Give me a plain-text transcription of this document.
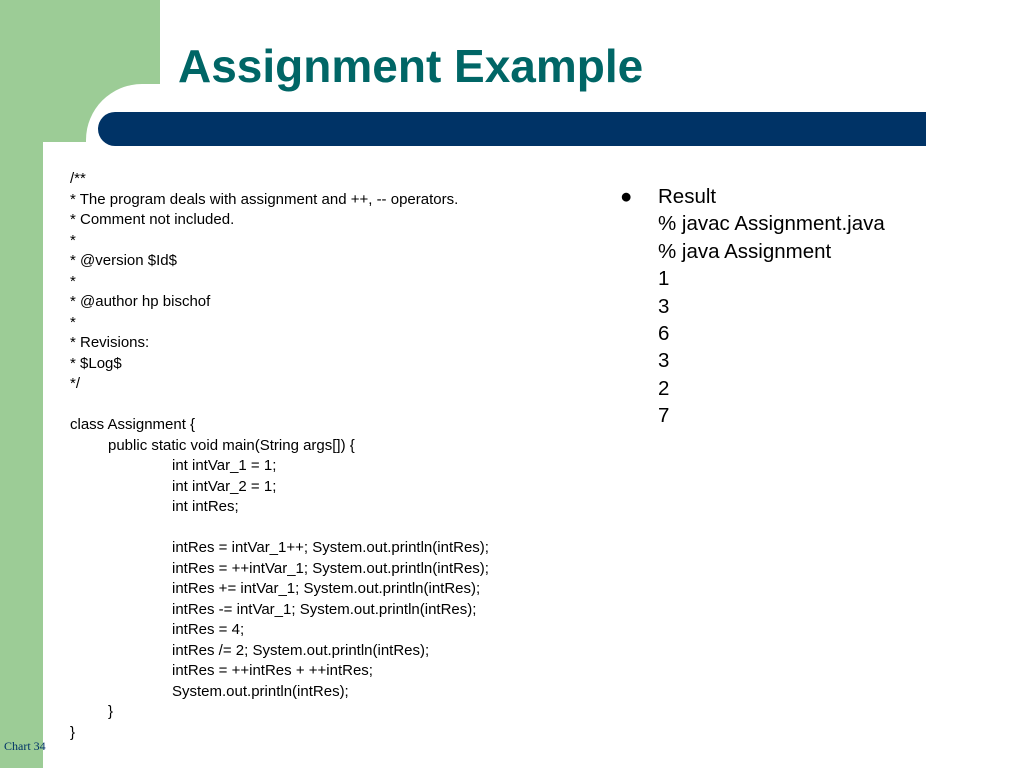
Assignment Example
/**
* The program deals with assignment and ++, -- operators.
* Comment not included.
*
* @version $Id$
*
* @author hp bischof
*
* Revisions:
* $Log$
*/
class Assignment {
public static void main(String args[]) {
int intVar_1 = 1;
int intVar_2 = 1;
int intRes;
intRes = intVar_1++; System.out.println(intRes);
intRes = ++intVar_1; System.out.println(intRes);
intRes += intVar_1; System.out.println(intRes);
intRes -= intVar_1; System.out.println(intRes);
intRes = 4;
intRes /= 2; System.out.println(intRes);
intRes = ++intRes + ++intRes;
System.out.println(intRes);
}
}
● Result
% javac Assignment.java
% java Assignment
1
3
6
3
2
7
Chart 34
